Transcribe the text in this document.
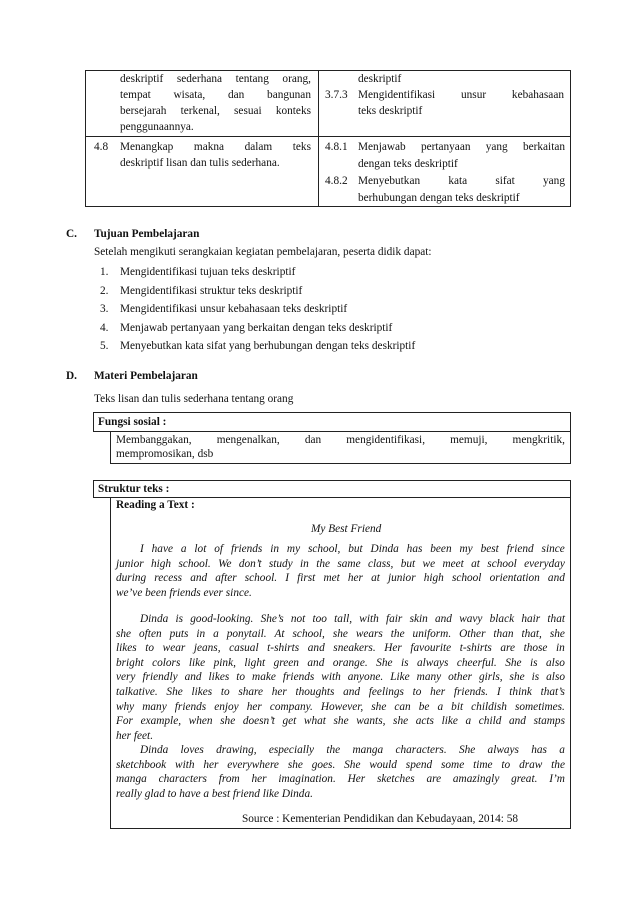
deskriptif sederhana tentang orang,
tempat wisata, dan bangunan
bersejarah terkenal, sesuai konteks
penggunaannya.
deskriptif
3.7.3 Mengidentifikasi unsur kebahasaan
teks deskriptif
4.8 Menangkap makna dalam teks
deskriptif lisan dan tulis sederhana.
4.8.1 Menjawab pertanyaan yang berkaitan
dengan teks deskriptif
4.8.2 Menyebutkan kata sifat yang
berhubungan dengan teks deskriptif
C. Tujuan Pembelajaran
Setelah mengikuti serangkaian kegiatan pembelajaran, peserta didik dapat:
1. Mengidentifikasi tujuan teks deskriptif
2. Mengidentifikasi struktur teks deskriptif
3. Mengidentifikasi unsur kebahasaan teks deskriptif
4. Menjawab pertanyaan yang berkaitan dengan teks deskriptif
5. Menyebutkan kata sifat yang berhubungan dengan teks deskriptif
D. Materi Pembelajaran
Teks lisan dan tulis sederhana tentang orang
Fungsi sosial :
Membanggakan, mengenalkan, dan mengidentifikasi, memuji, mengkritik,
mempromosikan, dsb
Struktur teks :
Reading a Text :
My Best Friend
I have a lot of friends in my school, but Dinda has been my best friend since
junior high school. We don’t study in the same class, but we meet at school everyday
during recess and after school. I first met her at junior high school orientation and
we’ve been friends ever since.
Dinda is good-looking. She’s not too tall, with fair skin and wavy black hair that
she often puts in a ponytail. At school, she wears the uniform. Other than that, she
likes to wear jeans, casual t-shirts and sneakers. Her favourite t-shirts are those in
bright colors like pink, light green and orange. She is always cheerful. She is also
very friendly and likes to make friends with anyone. Like many other girls, she is also
talkative. She likes to share her thoughts and feelings to her friends. I think that’s
why many friends enjoy her company. However, she can be a bit childish sometimes.
For example, when she doesn’t get what she wants, she acts like a child and stamps
her feet.
Dinda loves drawing, especially the manga characters. She always has a
sketchbook with her everywhere she goes. She would spend some time to draw the
manga characters from her imagination. Her sketches are amazingly great. I’m
really glad to have a best friend like Dinda.
Source : Kementerian Pendidikan dan Kebudayaan, 2014: 58
